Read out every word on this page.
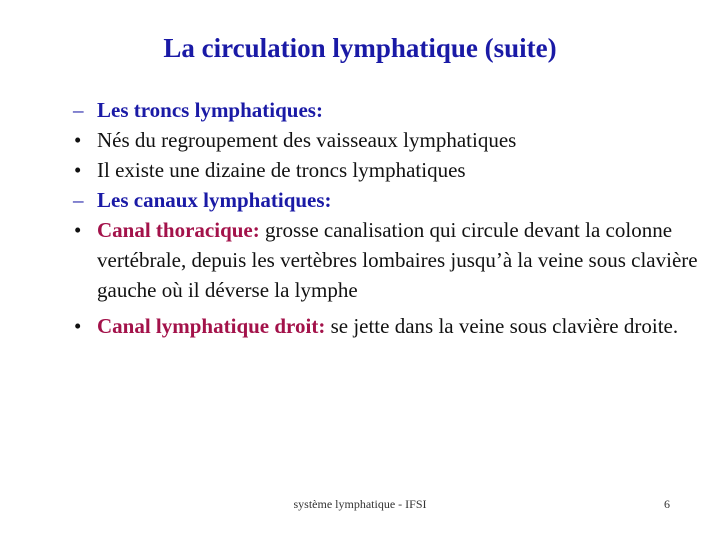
La circulation lymphatique (suite)
– Les troncs lymphatiques:
• Nés du regroupement des vaisseaux lymphatiques
• Il existe une dizaine de troncs lymphatiques
– Les canaux lymphatiques:
• Canal thoracique: grosse canalisation qui circule devant la colonne vertébrale, depuis les vertèbres lombaires jusqu’à la veine sous clavière gauche où il déverse la lymphe
• Canal lymphatique droit: se jette dans la veine sous clavière droite.
système lymphatique - IFSI	6
